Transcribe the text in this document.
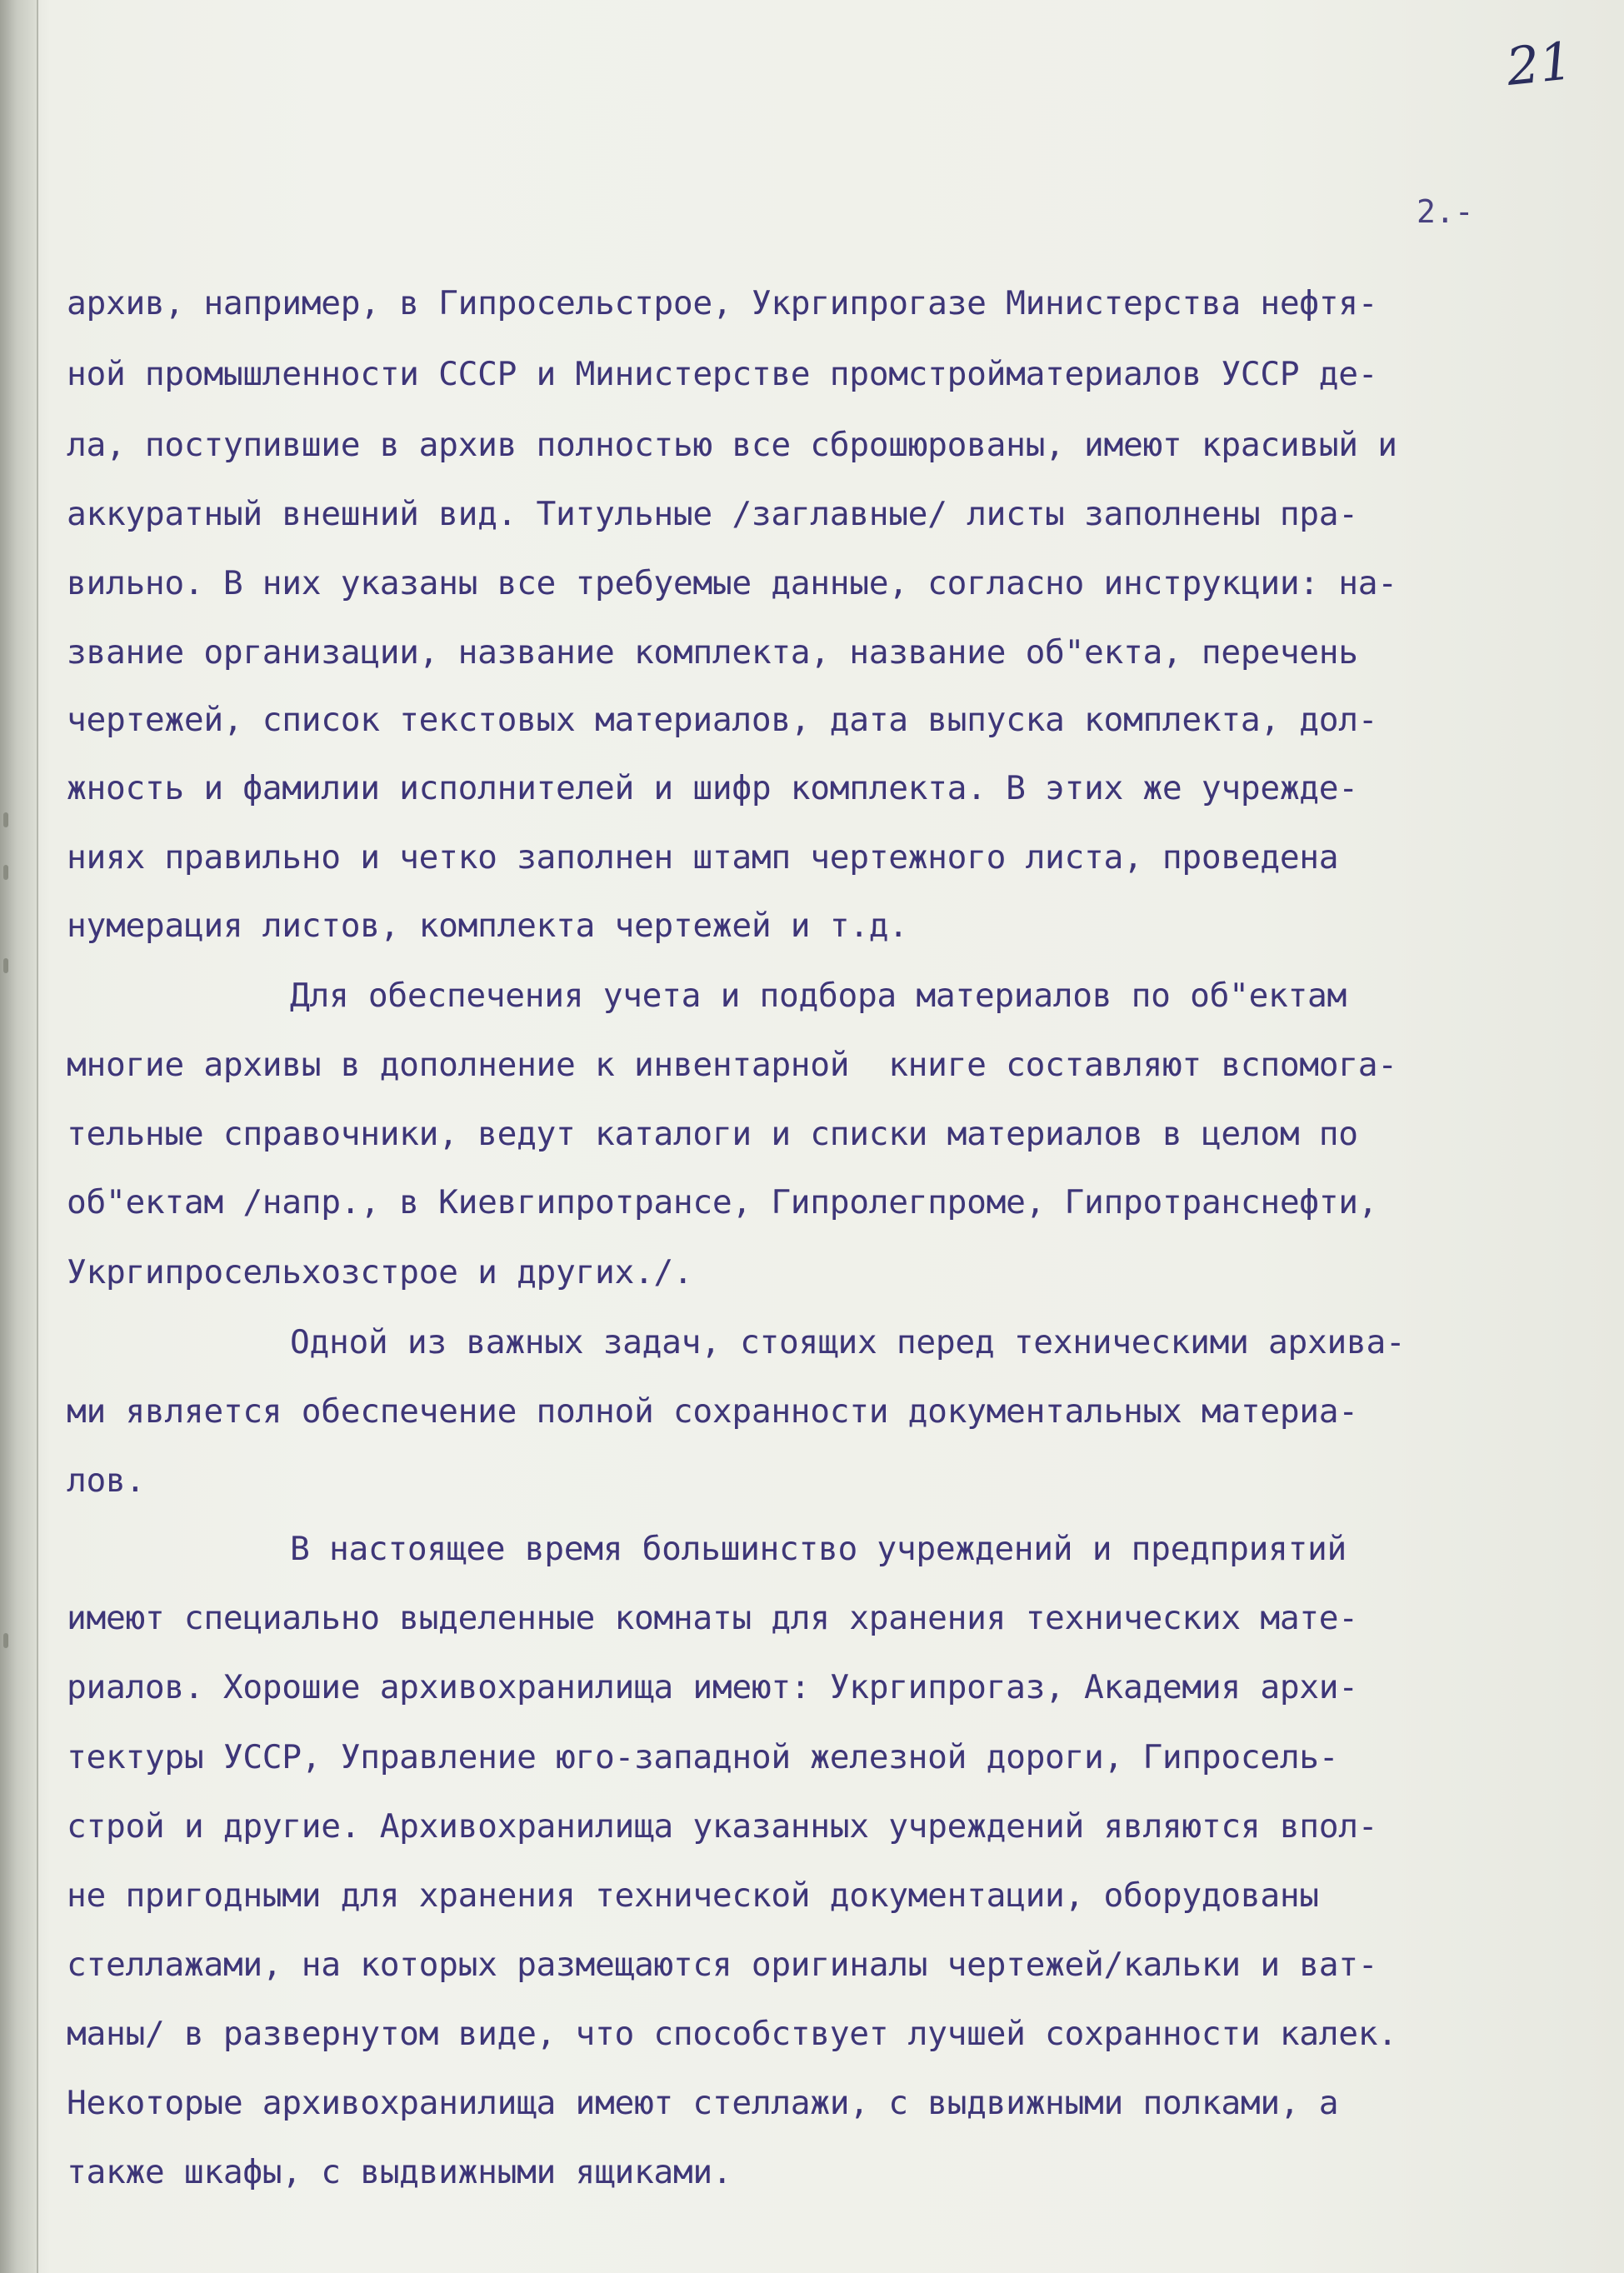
21
2.-
архив, например, в Гипросельстрое, Укргипрогазе Министерства нефтя-
ной промышленности СССР и Министерстве промстройматериалов УССР де-
ла, поступившие в архив полностью все сброшюрованы, имеют красивый и
аккуратный внешний вид. Титульные /заглавные/ листы заполнены пра-
вильно. В них указаны все требуемые данные, согласно инструкции: на-
звание организации, название комплекта, название об"екта, перечень
чертежей, список текстовых материалов, дата выпуска комплекта, дол-
жность и фамилии исполнителей и шифр комплекта. В этих же учрежде-
ниях правильно и четко заполнен штамп чертежного листа, проведена
нумерация листов, комплекта чертежей и т.д.
Для обеспечения учета и подбора материалов по об"ектам
многие архивы в дополнение к инвентарной  книге составляют вспомога-
тельные справочники, ведут каталоги и списки материалов в целом по
об"ектам /напр., в Киевгипротрансе, Гипролегпроме, Гипротранснефти,
Укргипросельхозстрое и других./.
Одной из важных задач, стоящих перед техническими архива-
ми является обеспечение полной сохранности документальных материа-
лов.
В настоящее время большинство учреждений и предприятий
имеют специально выделенные комнаты для хранения технических мате-
риалов. Хорошие архивохранилища имеют: Укргипрогаз, Академия архи-
тектуры УССР, Управление юго-западной железной дороги, Гипросель-
строй и другие. Архивохранилища указанных учреждений являются впол-
не пригодными для хранения технической документации, оборудованы
стеллажами, на которых размещаются оригиналы чертежей/кальки и ват-
маны/ в развернутом виде, что способствует лучшей сохранности калек.
Некоторые архивохранилища имеют стеллажи, с выдвижными полками, а
также шкафы, с выдвижными ящиками.
